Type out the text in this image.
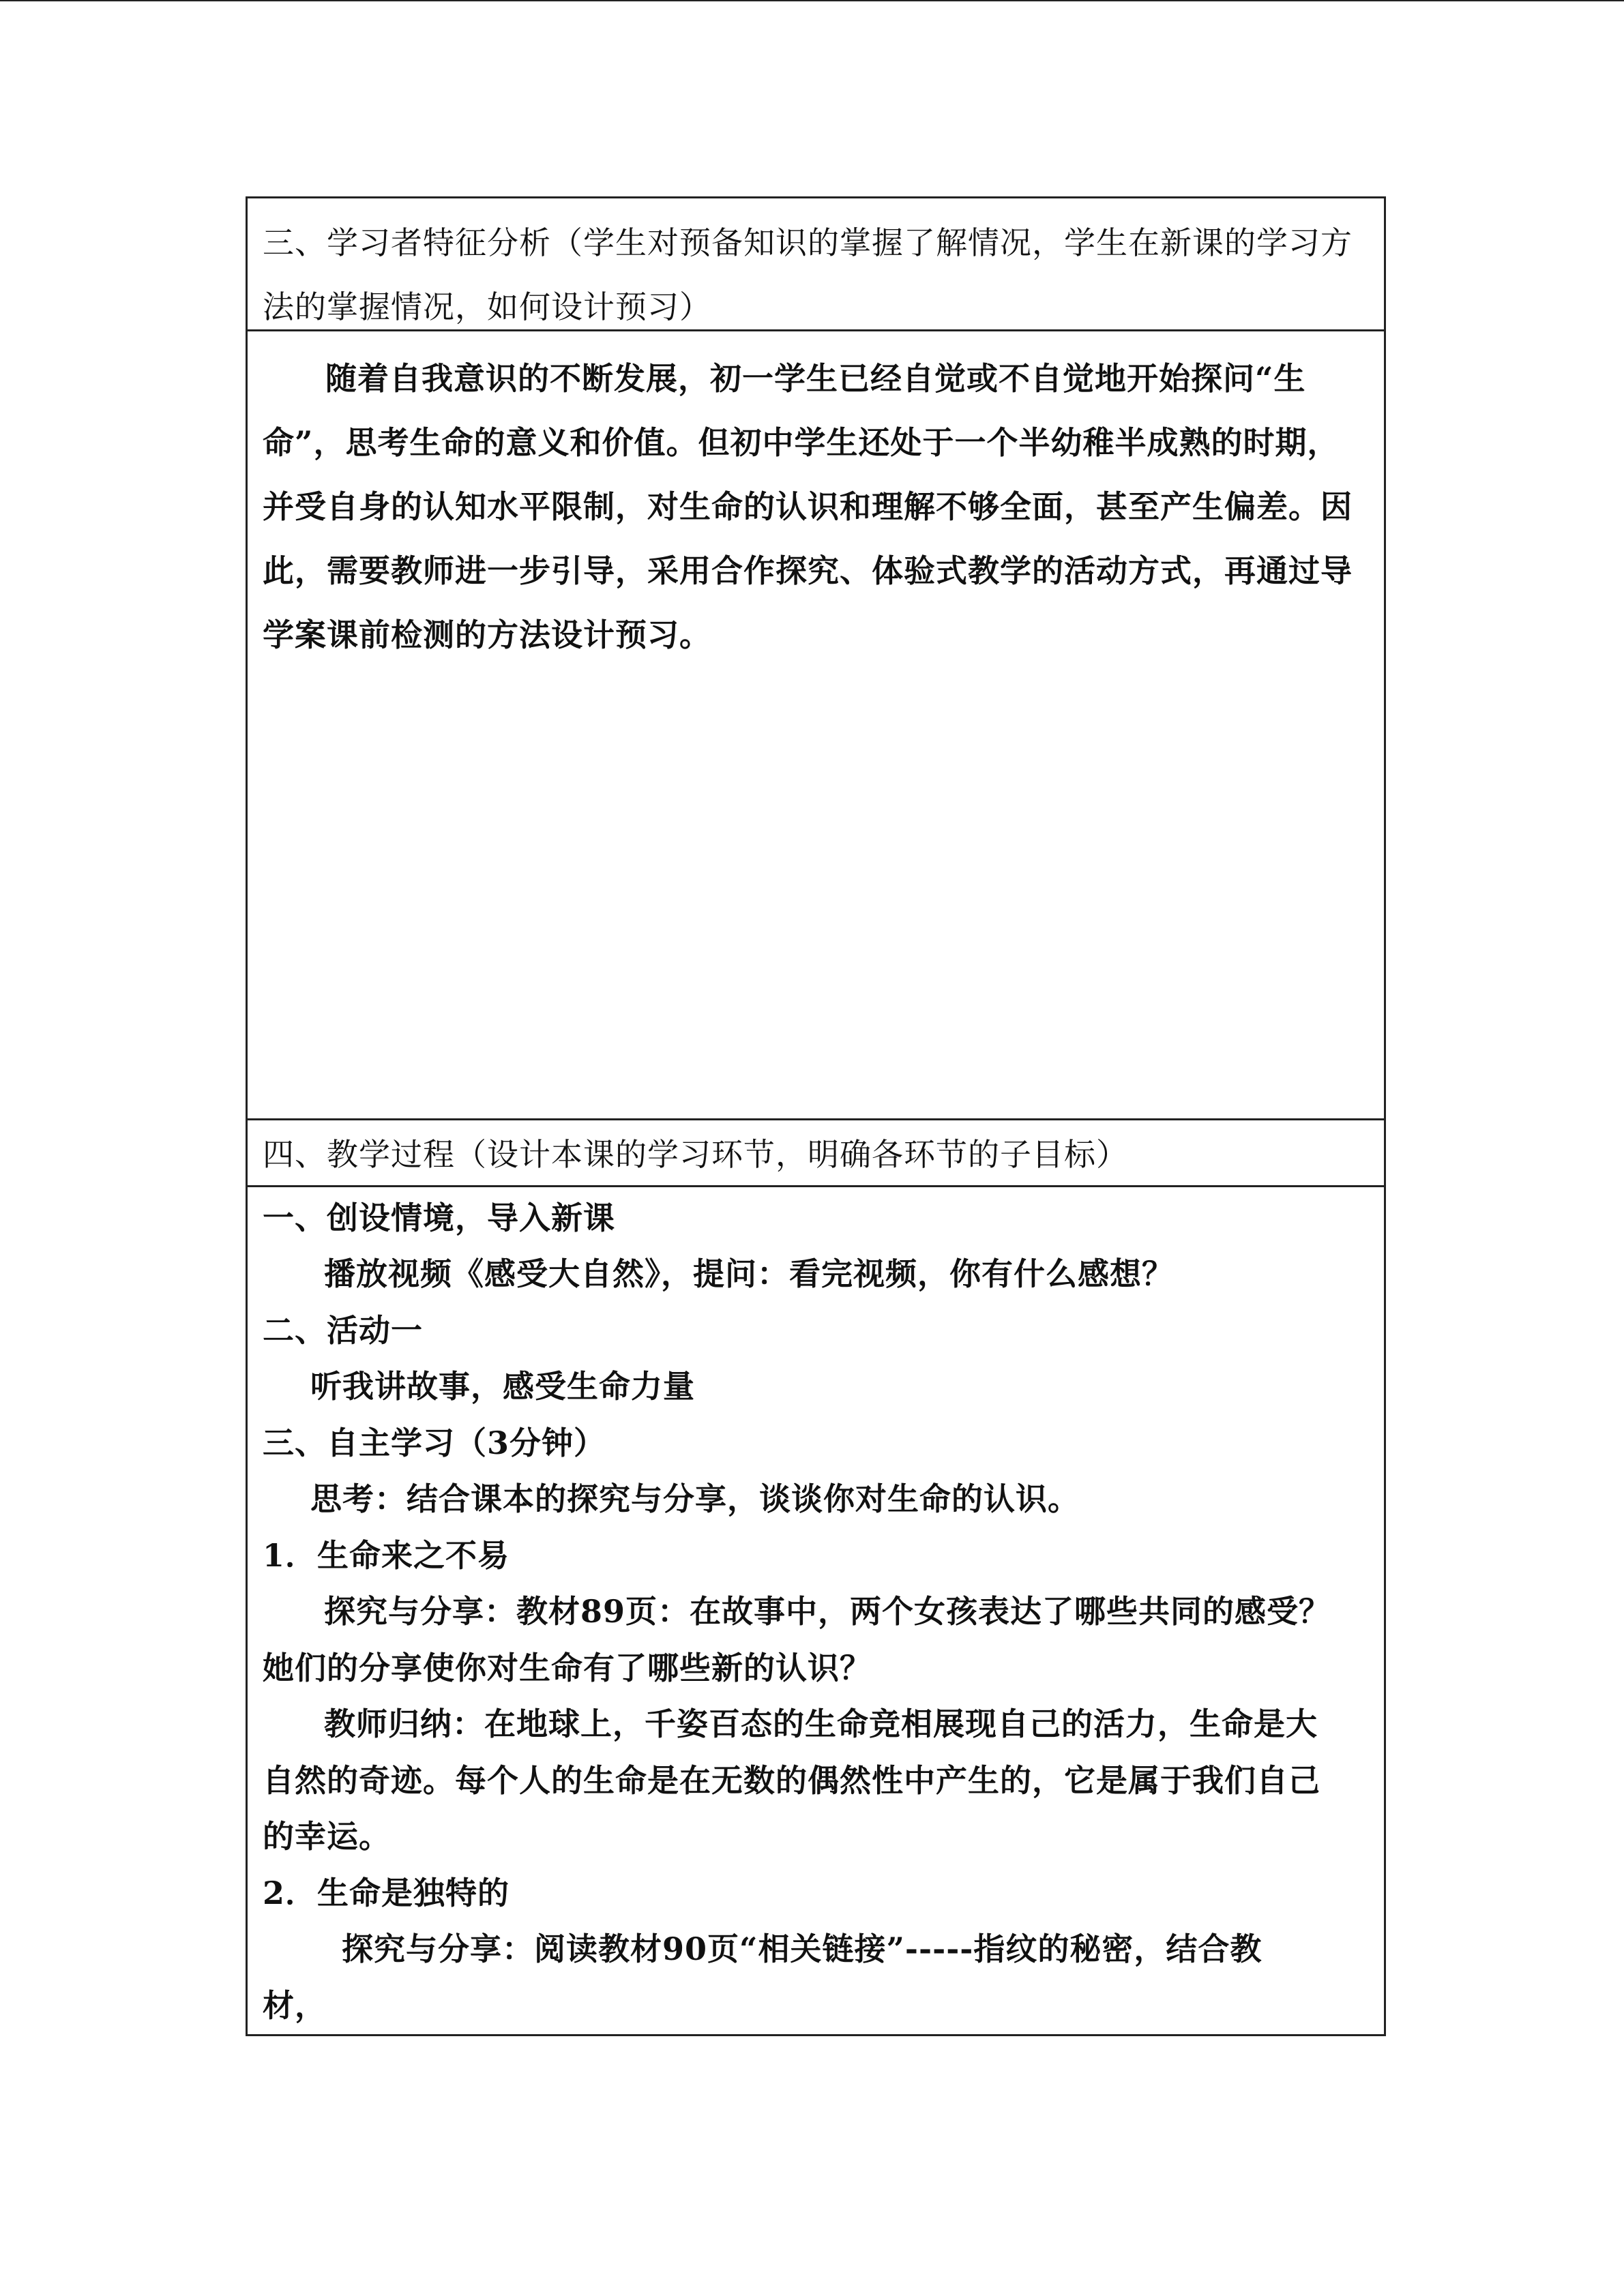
三、学习者特征分析（学生对预备知识的掌握了解情况，学生在新课的学习方法的掌握情况，如何设计预习）
随着自我意识的不断发展，初一学生已经自觉或不自觉地开始探问“生命”，思考生命的意义和价值。但初中学生还处于一个半幼稚半成熟的时期，并受自身的认知水平限制，对生命的认识和理解不够全面，甚至产生偏差。因此，需要教师进一步引导，采用合作探究、体验式教学的活动方式，再通过导学案课前检测的方法设计预习。
四、教学过程（设计本课的学习环节，明确各环节的子目标）
一、创设情境，导入新课
播放视频《感受大自然》，提问：看完视频，你有什么感想？
二、活动一
听我讲故事，感受生命力量
三、自主学习（3分钟）
思考：结合课本的探究与分享，谈谈你对生命的认识。
1．生命来之不易
探究与分享：教材89页：在故事中，两个女孩表达了哪些共同的感受？
她们的分享使你对生命有了哪些新的认识？
教师归纳：在地球上，千姿百态的生命竞相展现自己的活力，生命是大
自然的奇迹。每个人的生命是在无数的偶然性中产生的，它是属于我们自己
的幸运。
2．生命是独特的
探究与分享：阅读教材90页“相关链接”-----指纹的秘密，结合教
材，
